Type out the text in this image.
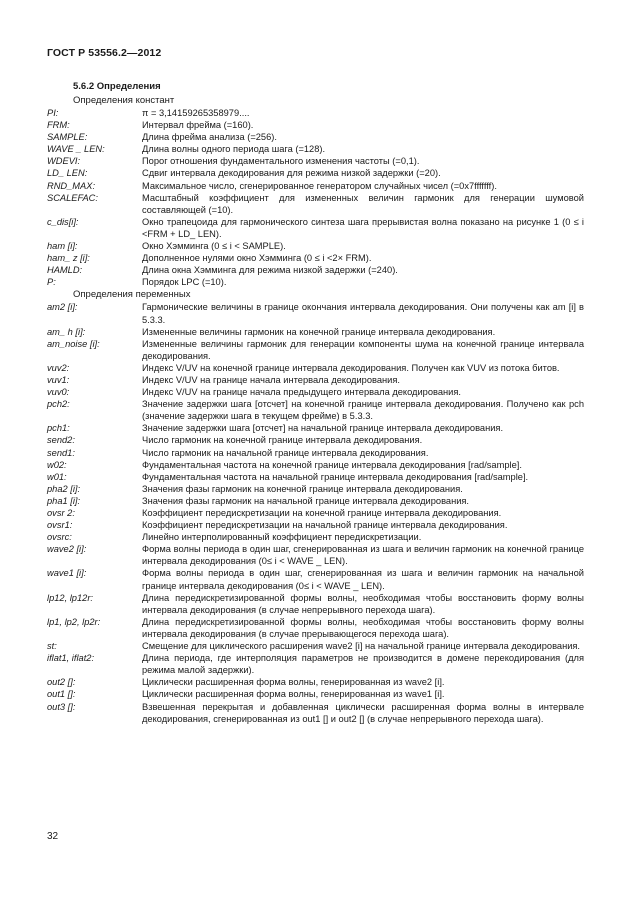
ГОСТ Р 53556.2—2012
5.6.2 Определения
Определения констант
PI:	π = 3,14159265358979....
FRM:	Интервал фрейма (=160).
SAMPLE:	Длина фрейма анализа (=256).
WAVE _ LEN:	Длина волны одного периода шага (=128).
WDEVI:	Порог отношения фундаментального изменения частоты (=0,1).
LD_ LEN:	Сдвиг интервала декодирования для режима низкой задержки (=20).
RND_MAX:	Максимальное число, сгенерированное генератором случайных чисел (=0x7fffffff).
SCALEFAC:	Масштабный коэффициент для измененных величин гармоник для генерации шумовой составляющей (=10).
c_dis[i]:	Окно трапецоида для гармонического синтеза шага прерывистая волна показано на рисунке 1 (0 ≤ i <FRM + LD_ LEN).
ham [i]:	Окно Хэмминга (0 ≤ i < SAMPLE).
ham_ z [i]:	Дополненное нулями окно Хэмминга (0 ≤ i <2× FRM).
HAMLD:	Длина окна Хэмминга для режима низкой задержки (=240).
P:	Порядок LPC (=10).
Определения переменных
am2 [i]:	Гармонические величины в границе окончания интервала декодирования. Они получены как am [i] в 5.3.3.
am_ h [i]:	Измененные величины гармоник на конечной границе интервала декодирования.
am_noise [i]:	Измененные величины гармоник для генерации компоненты шума на конечной границе интервала декодирования.
vuv2:	Индекс V/UV на конечной границе интервала декодирования. Получен как VUV из потока битов.
vuv1:	Индекс V/UV на границе начала интервала декодирования.
vuv0:	Индекс V/UV на границе начала предыдущего интервала декодирования.
pch2:	Значение задержки шага [отсчет] на конечной границе интервала декодирования. Получено как pch (значение задержки шага в текущем фрейме) в 5.3.3.
pch1:	Значение задержки шага [отсчет] на начальной границе интервала декодирования.
send2:	Число гармоник на конечной границе интервала декодирования.
send1:	Число гармоник на начальной границе интервала декодирования.
w02:	Фундаментальная частота на конечной границе интервала декодирования [rad/sample].
w01:	Фундаментальная частота на начальной границе интервала декодирования [rad/sample].
pha2 [i]:	Значения фазы гармоник на конечной границе интервала декодирования.
pha1 [i]:	Значения фазы гармоник на начальной границе интервала декодирования.
ovsr 2:	Коэффициент передискретизации на конечной границе интервала декодирования.
ovsr1:	Коэффициент передискретизации на начальной границе интервала декодирования.
ovsrc:	Линейно интерполированный коэффициент передискретизации.
wave2 [i]:	Форма волны периода в один шаг, сгенерированная из шага и величин гармоник на конечной границе интервала декодирования (0≤ i < WAVE _ LEN).
wave1 [i]:	Форма волны периода в один шаг, сгенерированная из шага и величин гармоник на начальной границе интервала декодирования (0≤ i < WAVE _ LEN).
lp12, lp12r:	Длина передискретизированной формы волны, необходимая чтобы восстановить форму волны интервала декодирования (в случае непрерывного перехода шага).
lp1, lp2, lp2r:	Длина передискретизированной формы волны, необходимая чтобы восстановить форму волны интервала декодирования (в случае прерывающегося перехода шага).
st:	Смещение для циклического расширения wave2 [i] на начальной границе интервала декодирования.
iflat1, iflat2:	Длина периода, где интерполяция параметров не производится в домене перекодирования (для режима малой задержки).
out2 []:	Циклически расширенная форма волны, генерированная из wave2 [i].
out1 []:	Циклически расширенная форма волны, генерированная из wave1 [i].
out3 []:	Взвешенная перекрытая и добавленная циклически расширенная форма волны в интервале декодирования, сгенерированная из out1 [] и out2 [] (в случае непрерывного перехода шага).
32
